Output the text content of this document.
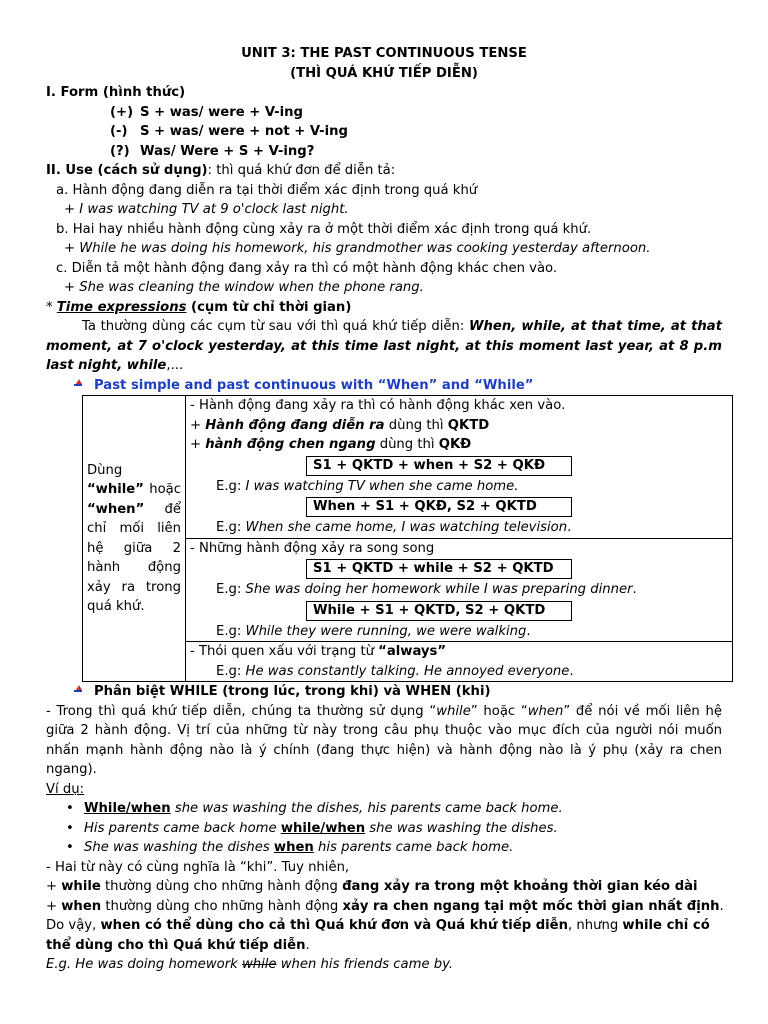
UNIT 3: THE PAST CONTINUOUS TENSE
(THÌ QUÁ KHỨ TIẾP DIỄN)
I. Form (hình thức)
(+) S + was/ were + V-ing
(-) S + was/ were + not + V-ing
(?) Was/ Were + S + V-ing?
II. Use (cách sử dụng): thì quá khứ đơn để diễn tả:
a. Hành động đang diễn ra tại thời điểm xác định trong quá khứ
+ I was watching TV at 9 o'clock last night.
b. Hai hay nhiều hành động cùng xảy ra ở một thời điểm xác định trong quá khứ.
+ While he was doing his homework, his grandmother was cooking yesterday afternoon.
c. Diễn tả một hành động đang xảy ra thì có một hành động khác chen vào.
+ She was cleaning the window when the phone rang.
* Time expressions (cụm từ chỉ thời gian)
Ta thường dùng các cụm từ sau với thì quá khứ tiếp diễn: When, while, at that time, at that moment, at 7 o'clock yesterday, at this time last night, at this moment last year, at 8 p.m last night, while,...
Past simple and past continuous with “When” and “While”
Dùng “while” hoặc “when” để chỉ mối liên hệ giữa 2 hành động xảy ra trong quá khứ.	
- Hành động đang xảy ra thì có hành động khác xen vào.
+ Hành động đang diễn ra dùng thì QKTD
+ hành động chen ngang dùng thì QKĐ
S1 + QKTD + when + S2 + QKĐ
E.g: I was watching TV when she came home.
When + S1 + QKĐ, S2 + QKTD
E.g: When she came home, I was watching television.

- Những hành động xảy ra song song
S1 + QKTD + while + S2 + QKTD
E.g: She was doing her homework while I was preparing dinner.
While + S1 + QKTD, S2 + QKTD
E.g: While they were running, we were walking.

- Thói quen xấu với trạng từ “always”
E.g: He was constantly talking. He annoyed everyone.
Phân biệt WHILE (trong lúc, trong khi) và WHEN (khi)
- Trong thì quá khứ tiếp diễn, chúng ta thường sử dụng “while” hoặc “when” để nói về mối liên hệ giữa 2 hành động. Vị trí của những từ này trong câu phụ thuộc vào mục đích của người nói muốn nhấn mạnh hành động nào là ý chính (đang thực hiện) và hành động nào là ý phụ (xảy ra chen ngang).
Ví dụ:
• While/when she was washing the dishes, his parents came back home.
• His parents came back home while/when she was washing the dishes.
• She was washing the dishes when his parents came back home.
- Hai từ này có cùng nghĩa là “khi”. Tuy nhiên,
+ while thường dùng cho những hành động đang xảy ra trong một khoảng thời gian kéo dài
+ when thường dùng cho những hành động xảy ra chen ngang tại một mốc thời gian nhất định.
Do vậy, when có thể dùng cho cả thì Quá khứ đơn và Quá khứ tiếp diễn, nhưng while chỉ có thể dùng cho thì Quá khứ tiếp diễn.
E.g. He was doing homework while when his friends came by.
